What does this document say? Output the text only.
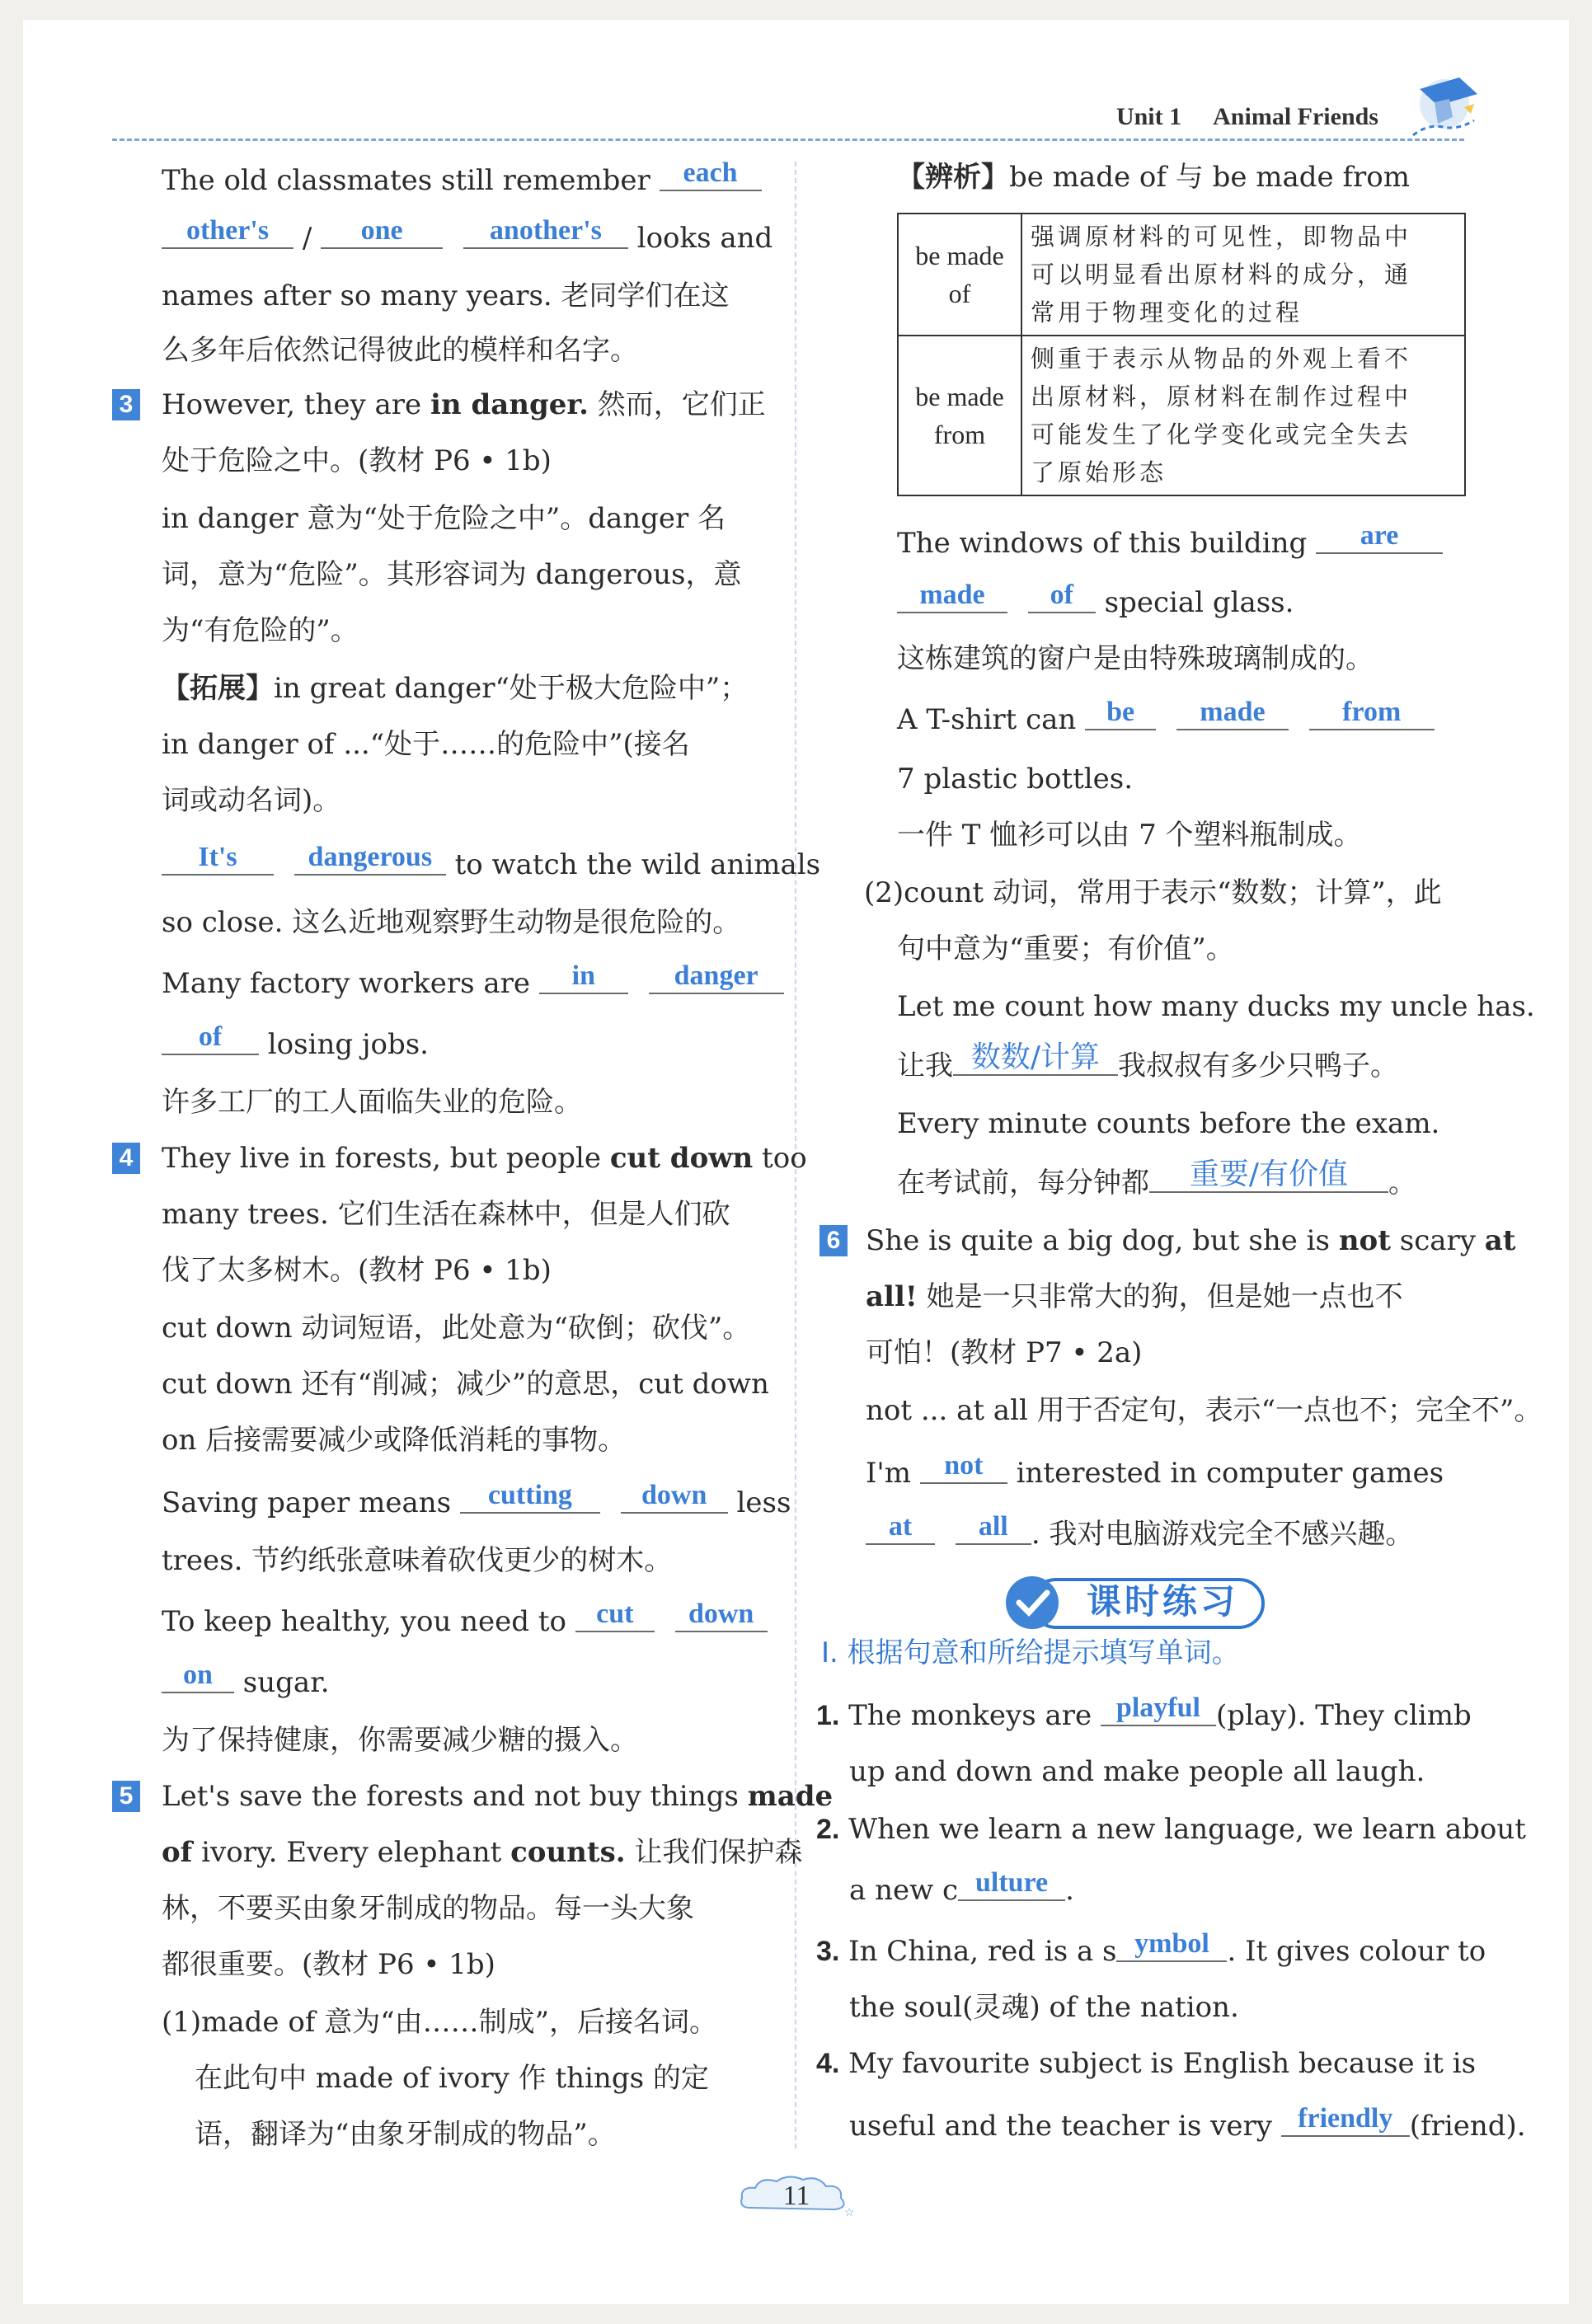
Unit 1 Animal Friends
The old classmates still remember each
other's / one	another's looks and
names after so many years. 老同学们在这
么多年后依然记得彼此的模样和名字。
3 However, they are in danger. 然而，它们正
处于危险之中。(教材 P6 • 1b)
in danger 意为“处于危险之中”。danger 名
词，意为“危险”。其形容词为 dangerous，意
为“有危险的”。
【拓展】in great danger“处于极大危险中”；
in danger of ...“处于……的危险中”(接名
词或动名词)。
It's	dangerous to watch the wild animals
so close. 这么近地观察野生动物是很危险的。
Many factory workers are in	danger
of losing jobs.
许多工厂的工人面临失业的危险。
4 They live in forests, but people cut down too
many trees. 它们生活在森林中，但是人们砍
伐了太多树木。(教材 P6 • 1b)
cut down 动词短语，此处意为“砍倒；砍伐”。
cut down 还有“削减；减少”的意思，cut down
on 后接需要减少或降低消耗的事物。
Saving paper means cutting down less
trees. 节约纸张意味着砍伐更少的树木。
To keep healthy, you need to cut down
on sugar.
为了保持健康，你需要减少糖的摄入。
5 Let's save the forests and not buy things made
of ivory. Every elephant counts. 让我们保护森
林，不要买由象牙制成的物品。每一头大象
都很重要。(教材 P6 • 1b)
(1)made of 意为“由……制成”，后接名词。
在此句中 made of ivory 作 things 的定
语，翻译为“由象牙制成的物品”。
【辨析】be made of 与 be made from
be made of	强调原材料的可见性，即物品中
可以明显看出原材料的成分，通
常用于物理变化的过程

be made from	侧重于表示从物品的外观上看不
出原材料，原材料在制作过程中
可能发生了化学变化或完全失去
了原始形态
The windows of this building are
made of special glass.
这栋建筑的窗户是由特殊玻璃制成的。
A T-shirt can be made	from
7 plastic bottles.
一件 T 恤衫可以由 7 个塑料瓶制成。
(2)count 动词，常用于表示“数数；计算”，此
句中意为“重要；有价值”。
Let me count how many ducks my uncle has.
让我 数数/计算 我叔叔有多少只鸭子。
Every minute counts before the exam.
在考试前，每分钟都 重要/有价值 。
6 She is quite a big dog, but she is not scary at
all! 她是一只非常大的狗，但是她一点也不
可怕！(教材 P7 • 2a)
not ... at all 用于否定句，表示“一点也不；完全不”。
I'm not interested in computer games
at all . 我对电脑游戏完全不感兴趣。
课时练习
Ⅰ. 根据句意和所给提示填写单词。
1. The monkeys are playful (play). They climb
up and down and make people all laugh.
2. When we learn a new language, we learn about
a new c ulture .
3. In China, red is a s ymbol . It gives colour to
the soul(灵魂) of the nation.
4. My favourite subject is English because it is
useful and the teacher is very friendly (friend).
☆
11
